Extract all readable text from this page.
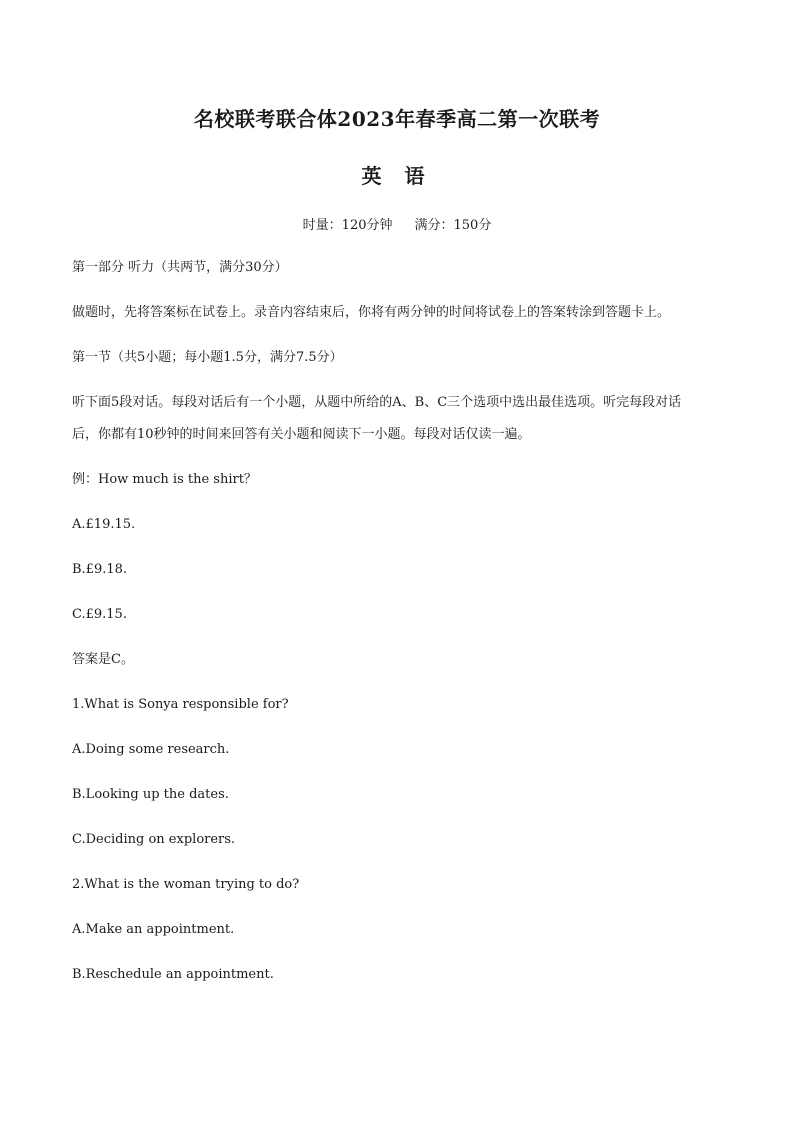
名校联考联合体2023年春季高二第一次联考
英 语
时量：120分钟 满分：150分
第一部分 听力（共两节，满分30分）
做题时，先将答案标在试卷上。录音内容结束后，你将有两分钟的时间将试卷上的答案转涂到答题卡上。
第一节（共5小题；每小题1.5分，满分7.5分）
听下面5段对话。每段对话后有一个小题，从题中所给的A、B、C三个选项中选出最佳选项。听完每段对话
后，你都有10秒钟的时间来回答有关小题和阅读下一小题。每段对话仅读一遍。
例：How much is the shirt？
A.£19.15.
B.£9.18.
C.£9.15.
答案是C。
1.What is Sonya responsible for?
A.Doing some research.
B.Looking up the dates.
C.Deciding on explorers.
2.What is the woman trying to do?
A.Make an appointment.
B.Reschedule an appointment.
